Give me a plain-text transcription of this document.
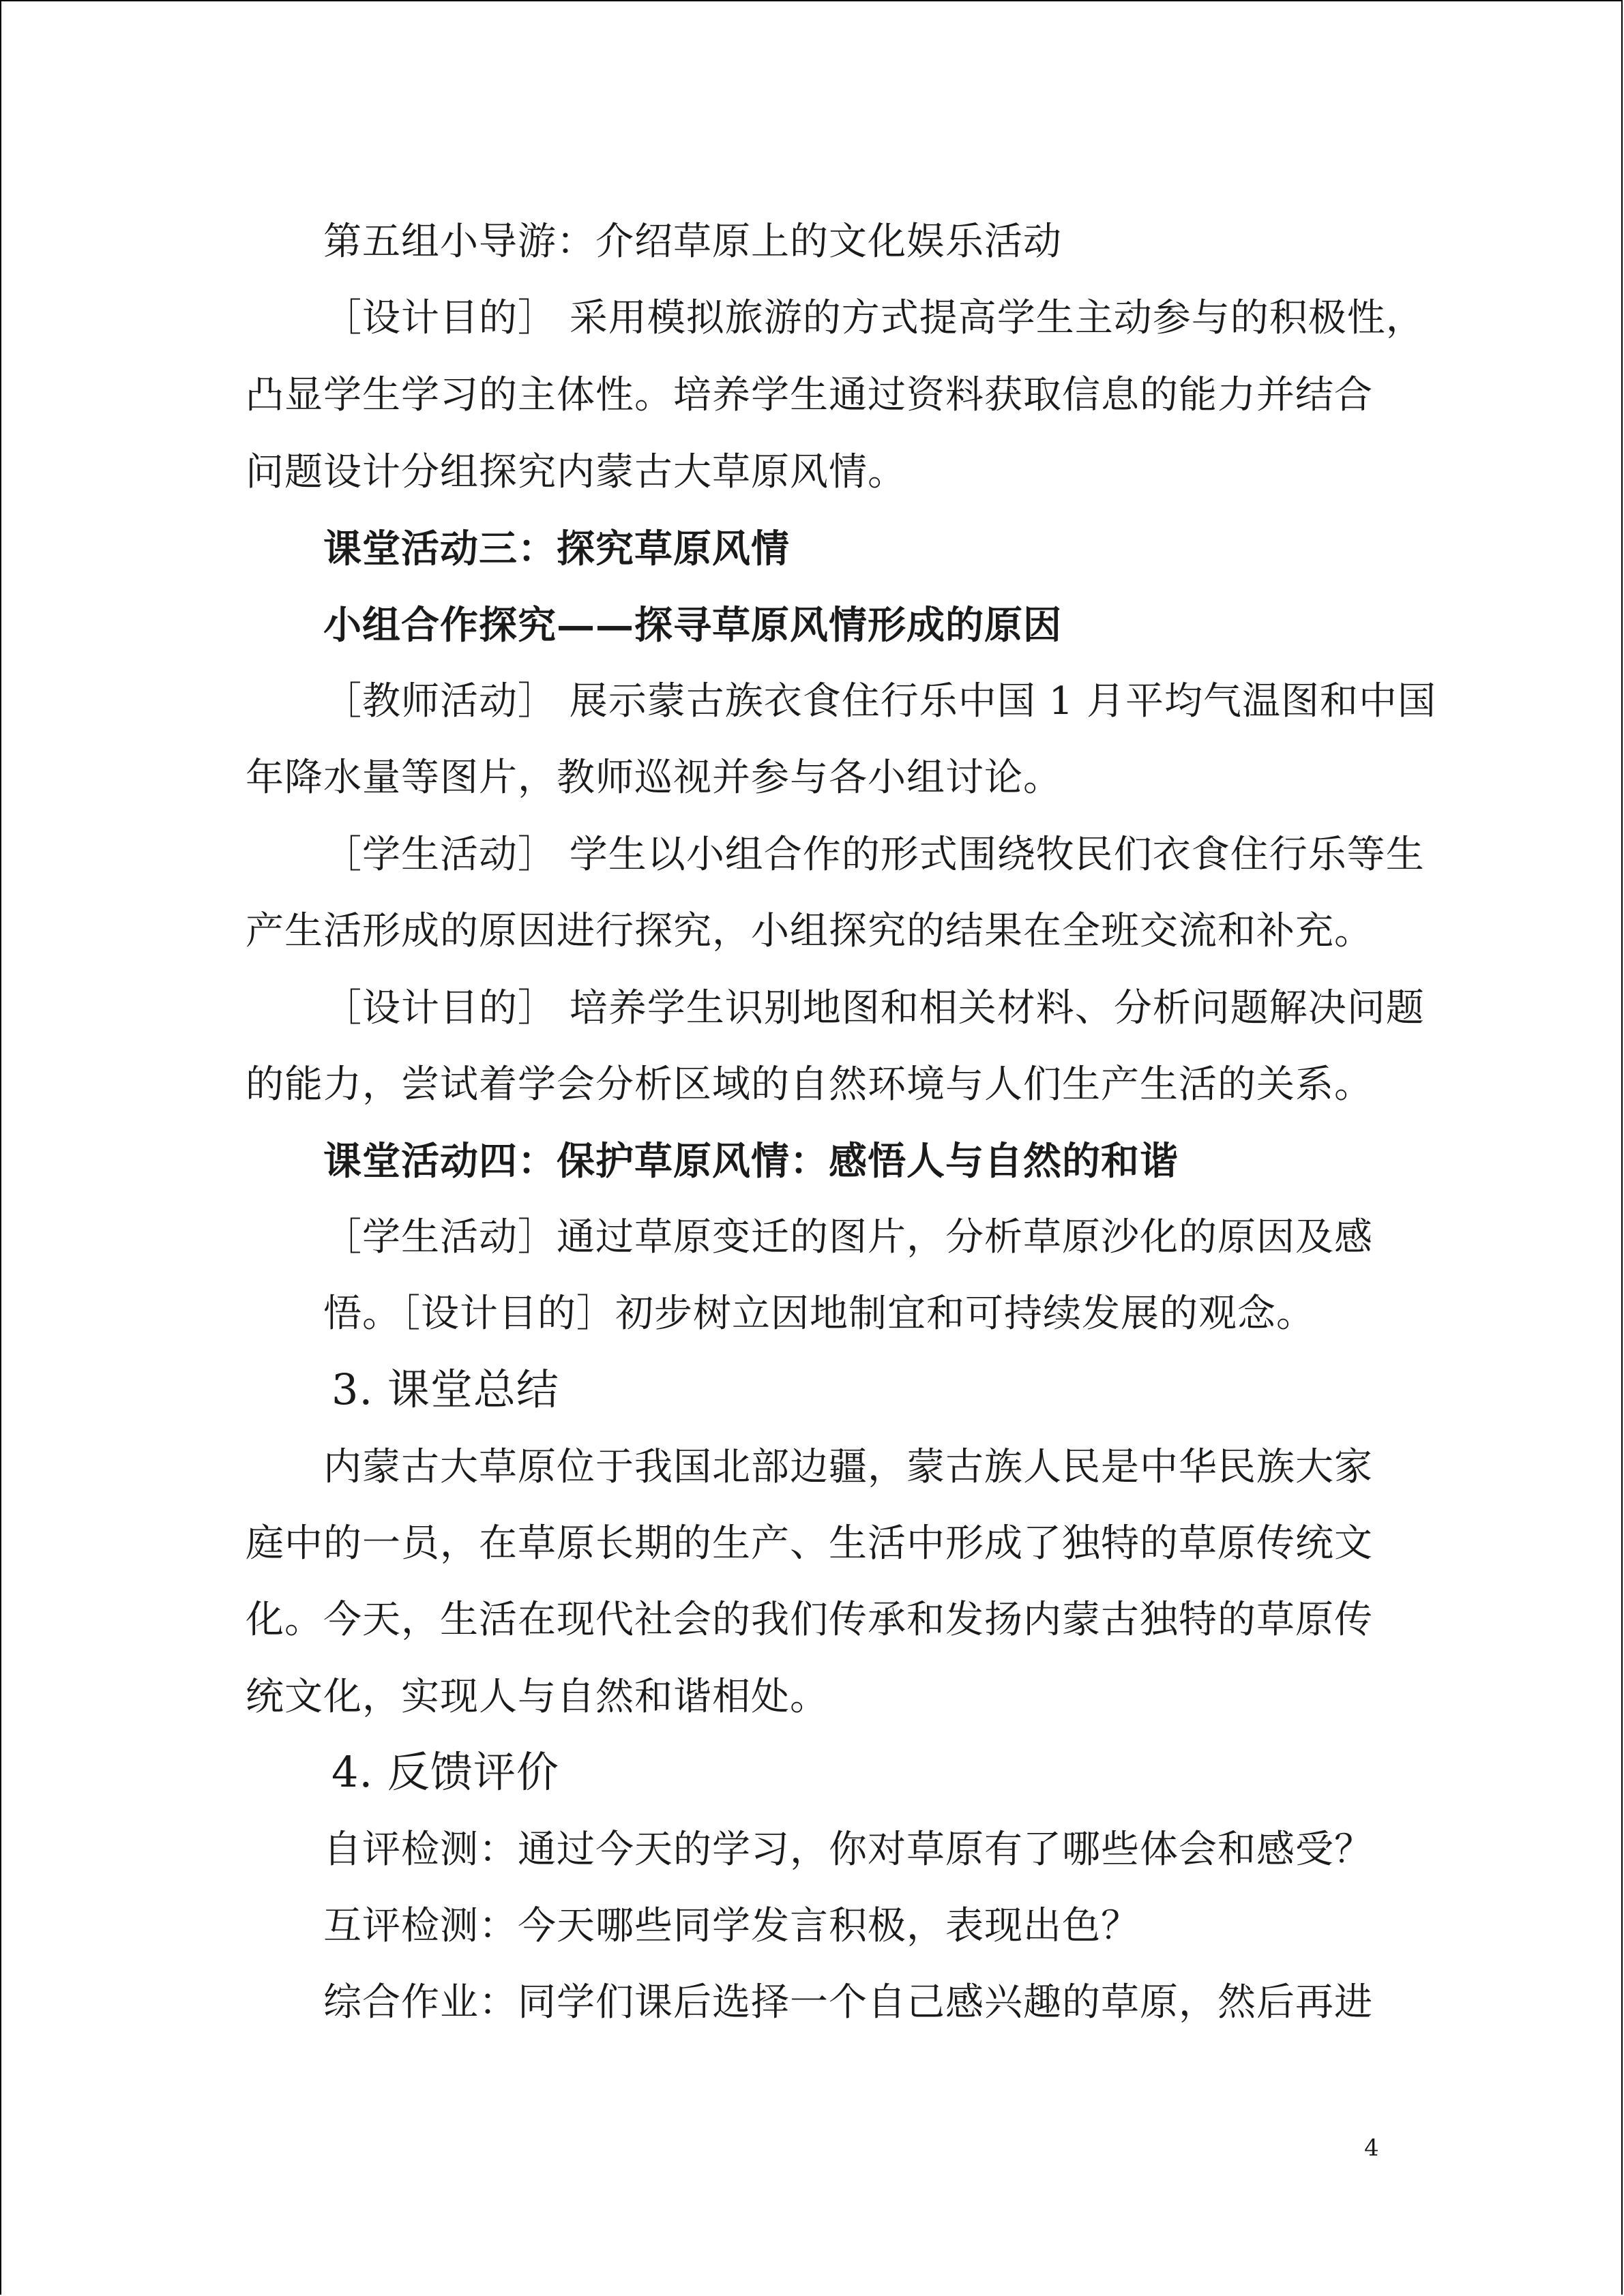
第五组小导游：介绍草原上的文化娱乐活动
［设计目的］ 采用模拟旅游的方式提高学生主动参与的积极性，
凸显学生学习的主体性。培养学生通过资料获取信息的能力并结合
问题设计分组探究内蒙古大草原风情。
课堂活动三：探究草原风情
小组合作探究——探寻草原风情形成的原因
［教师活动］ 展示蒙古族衣食住行乐中国 1 月平均气温图和中国
年降水量等图片，教师巡视并参与各小组讨论。
［学生活动］ 学生以小组合作的形式围绕牧民们衣食住行乐等生
产生活形成的原因进行探究，小组探究的结果在全班交流和补充。
［设计目的］ 培养学生识别地图和相关材料、分析问题解决问题
的能力，尝试着学会分析区域的自然环境与人们生产生活的关系。
课堂活动四：保护草原风情：感悟人与自然的和谐
［学生活动］通过草原变迁的图片，分析草原沙化的原因及感
悟。［设计目的］初步树立因地制宜和可持续发展的观念。
3. 课堂总结
内蒙古大草原位于我国北部边疆，蒙古族人民是中华民族大家
庭中的一员，在草原长期的生产、生活中形成了独特的草原传统文
化。今天，生活在现代社会的我们传承和发扬内蒙古独特的草原传
统文化，实现人与自然和谐相处。
4. 反馈评价
自评检测：通过今天的学习，你对草原有了哪些体会和感受？
互评检测：今天哪些同学发言积极，表现出色？
综合作业：同学们课后选择一个自己感兴趣的草原，然后再进
4
